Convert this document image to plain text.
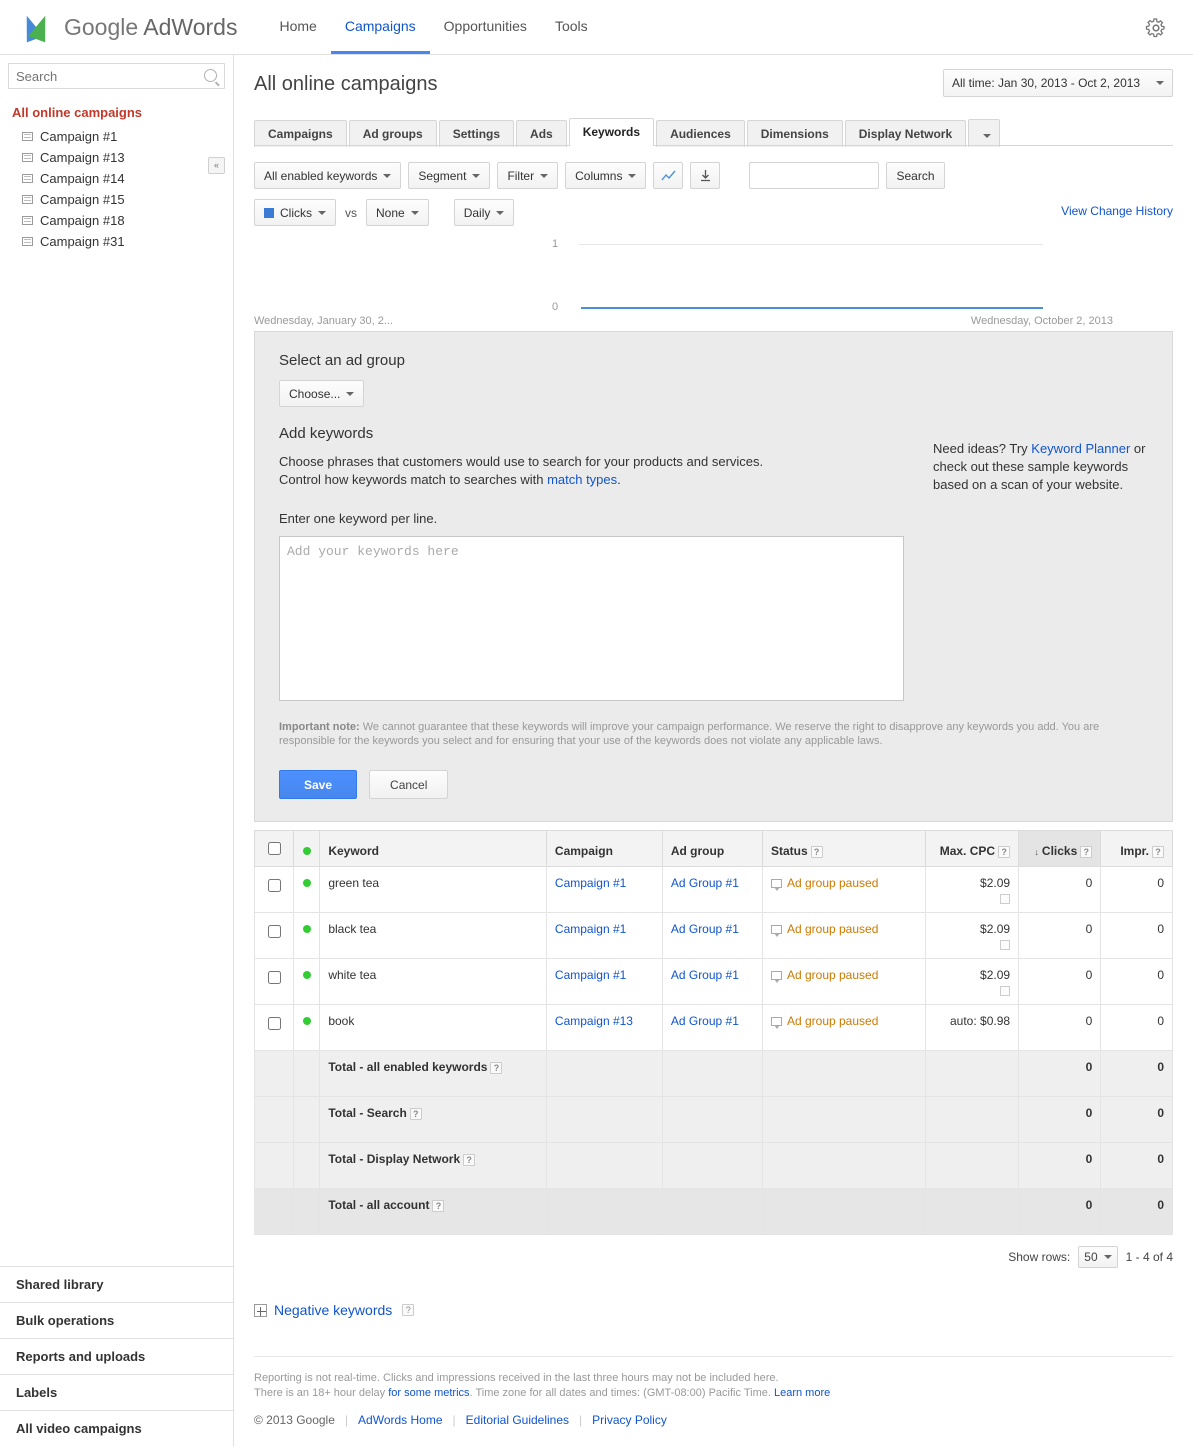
Google AdWords	Home	Campaigns	Opportunities	Tools
Search
«
All online campaigns
Campaign #1
Campaign #13
Campaign #14
Campaign #15
Campaign #18
Campaign #31
Shared library
Bulk operations
Reports and uploads
Labels
All video campaigns
All online campaigns	All time: Jan 30, 2013 - Oct 2, 2013
Campaigns	Ad groups	Settings	Ads	Keywords	Audiences	Dimensions	Display Network
All enabled keywords	Segment	Filter	Columns	Search
Clicks	vs None	Daily	View Change History
1
0
Wednesday, January 30, 2...	Wednesday, October 2, 2013
Select an ad group
Choose...
Add keywords
Choose phrases that customers would use to search for your products and services.
Control how keywords match to searches with match types.
Enter one keyword per line.
Add your keywords here
Need ideas? Try Keyword Planner or check out these sample keywords based on a scan of your website.
Important note: We cannot guarantee that these keywords will improve your campaign performance. We reserve the right to disapprove any keywords you add. You are responsible for the keywords you select and for ensuring that your use of the keywords does not violate any applicable laws.
Save	Cancel
		Keyword	Campaign	Ad group	Status ?	Max. CPC ?	↓ Clicks ?	Impr. ?
		green tea	Campaign #1	Ad Group #1	Ad group paused	$2.09	0	0
		black tea	Campaign #1	Ad Group #1	Ad group paused	$2.09	0	0
		white tea	Campaign #1	Ad Group #1	Ad group paused	$2.09	0	0
		book	Campaign #13	Ad Group #1	Ad group paused	auto: $0.98	0	0
		Total - all enabled keywords ?					0	0
		Total - Search ?					0	0
		Total - Display Network ?					0	0
		Total - all account ?					0	0
Show rows: 50 1 - 4 of 4
Negative keywords	?
Reporting is not real-time. Clicks and impressions received in the last three hours may not be included here.
There is an 18+ hour delay for some metrics. Time zone for all dates and times: (GMT-08:00) Pacific Time. Learn more
© 2013 Google | AdWords Home | Editorial Guidelines | Privacy Policy
